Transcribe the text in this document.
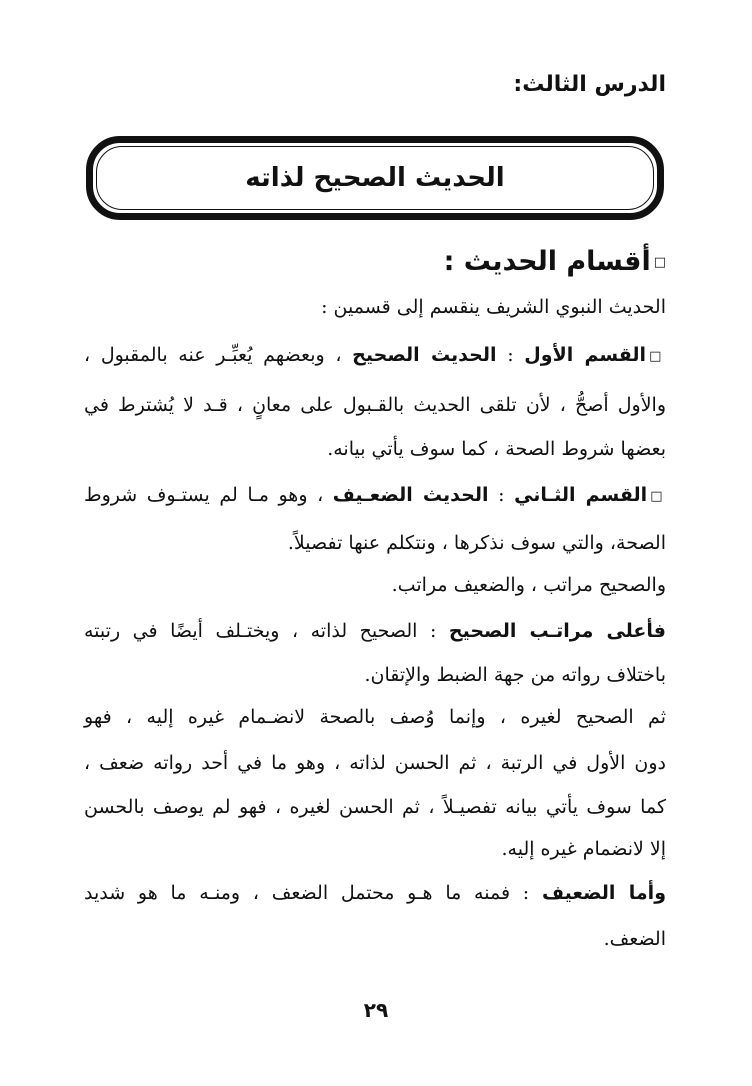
الدرس الثالث:
الحديث الصحيح لذاته
□أقسام الحديث :
الحديث النبوي الشريف ينقسم إلى قسمين :
□القسم الأول : الحديث الصحيح ، وبعضهم يُعبِّـر عنه بالمقبول ،
والأول أصحُّ ، لأن تلقى الحديث بالقـبول على معانٍ ، قـد لا يُشترط في
بعضها شروط الصحة ، كما سوف يأتي بيانه.
□القسم الثـاني : الحديث الضعـيف ، وهو مـا لم يستـوف شروط
الصحة، والتي سوف نذكرها ، ونتكلم عنها تفصيلاً.
والصحيح مراتب ، والضعيف مراتب.
فأعلى مراتـب الصحيح : الصحيح لذاته ، ويختـلف أيضًا في رتبته
باختلاف رواته من جهة الضبط والإتقان.
ثم الصحيح لغيره ، وإنما وُصف بالصحة لانضـمام غيره إليه ، فهو
دون الأول في الرتبة ، ثم الحسن لذاته ، وهو ما في أحد رواته ضعف ،
كما سوف يأتي بيانه تفصيـلاً ، ثم الحسن لغيره ، فهو لم يوصف بالحسن
إلا لانضمام غيره إليه.
وأما الضعيف : فمنه ما هـو محتمل الضعف ، ومنـه ما هو شديد
الضعف.
٢٩
